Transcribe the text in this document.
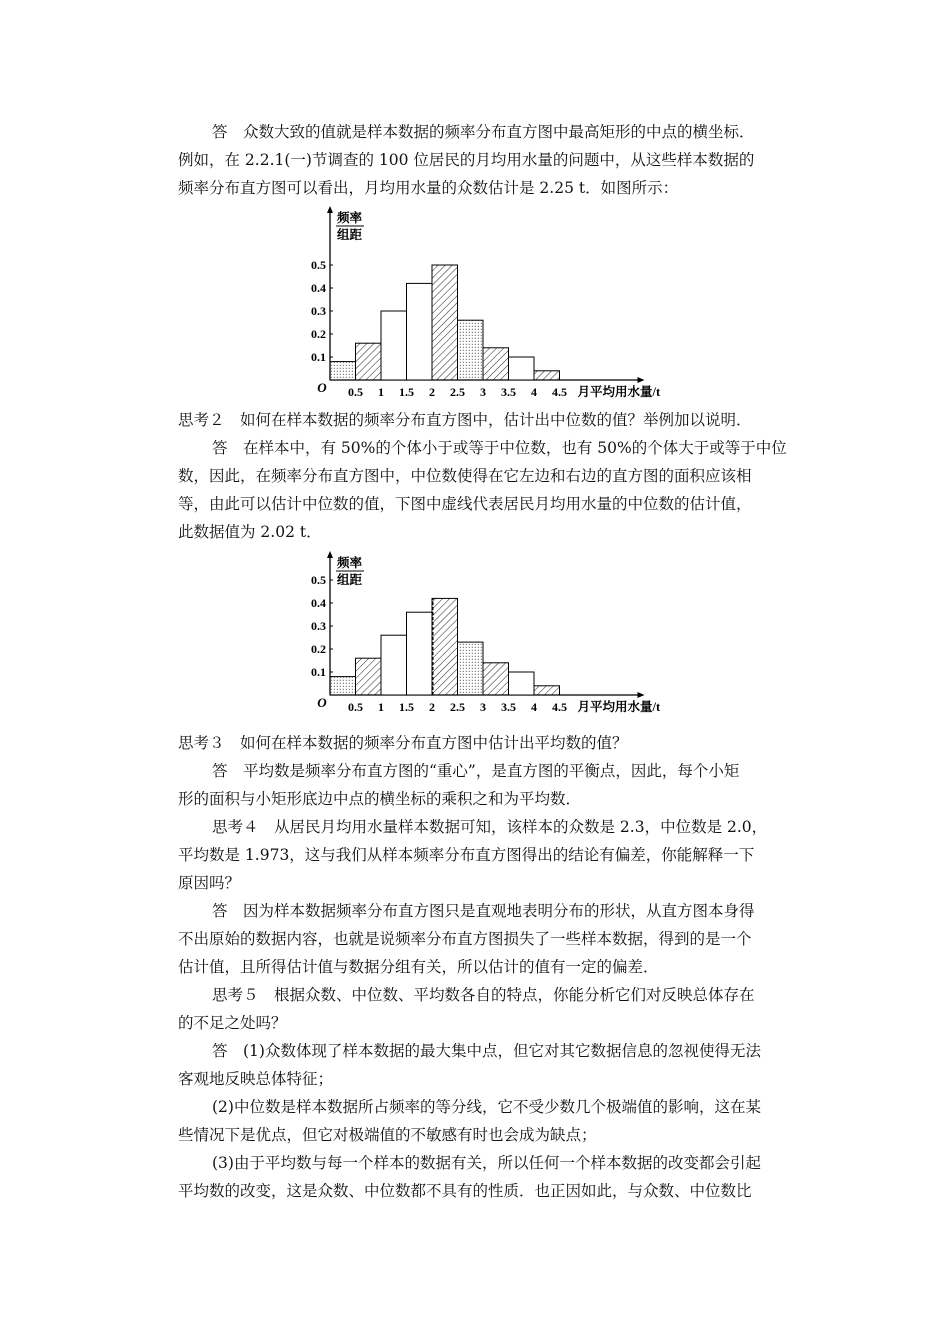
答　众数大致的值就是样本数据的频率分布直方图中最高矩形的中点的横坐标．
例如，在 2.2.1(一)节调查的 100 位居民的月均用水量的问题中，从这些样本数据的
频率分布直方图可以看出，月均用水量的众数估计是 2.25 t．如图所示：
0.1
0.2
0.3
0.4
0.5
0.5 1 1.5 2 2.5 3 3.5 4 4.5
O	月平均用水量/t
频率
组距
思考２　如何在样本数据的频率分布直方图中，估计出中位数的值？举例加以说明．
答　在样本中，有 50%的个体小于或等于中位数，也有 50%的个体大于或等于中位
数，因此，在频率分布直方图中，中位数使得在它左边和右边的直方图的面积应该相
等，由此可以估计中位数的值，下图中虚线代表居民月均用水量的中位数的估计值，
此数据值为 2.02 t．
0.1
0.2
0.3
0.4
0.5
0.5 1 1.5 2 2.5 3 3.5 4 4.5
O	月平均用水量/t
频率
组距
思考３　如何在样本数据的频率分布直方图中估计出平均数的值？
答　平均数是频率分布直方图的“重心”，是直方图的平衡点，因此，每个小矩
形的面积与小矩形底边中点的横坐标的乘积之和为平均数．
思考４　从居民月均用水量样本数据可知，该样本的众数是 2.3，中位数是 2.0，
平均数是 1.973，这与我们从样本频率分布直方图得出的结论有偏差，你能解释一下
原因吗？
答　因为样本数据频率分布直方图只是直观地表明分布的形状，从直方图本身得
不出原始的数据内容，也就是说频率分布直方图损失了一些样本数据，得到的是一个
估计值，且所得估计值与数据分组有关，所以估计的值有一定的偏差．
思考５　根据众数、中位数、平均数各自的特点，你能分析它们对反映总体存在
的不足之处吗？
答　(1)众数体现了样本数据的最大集中点，但它对其它数据信息的忽视使得无法
客观地反映总体特征；
(2)中位数是样本数据所占频率的等分线，它不受少数几个极端值的影响，这在某
些情况下是优点，但它对极端值的不敏感有时也会成为缺点；
(3)由于平均数与每一个样本的数据有关，所以任何一个样本数据的改变都会引起
平均数的改变，这是众数、中位数都不具有的性质．也正因如此，与众数、中位数比
